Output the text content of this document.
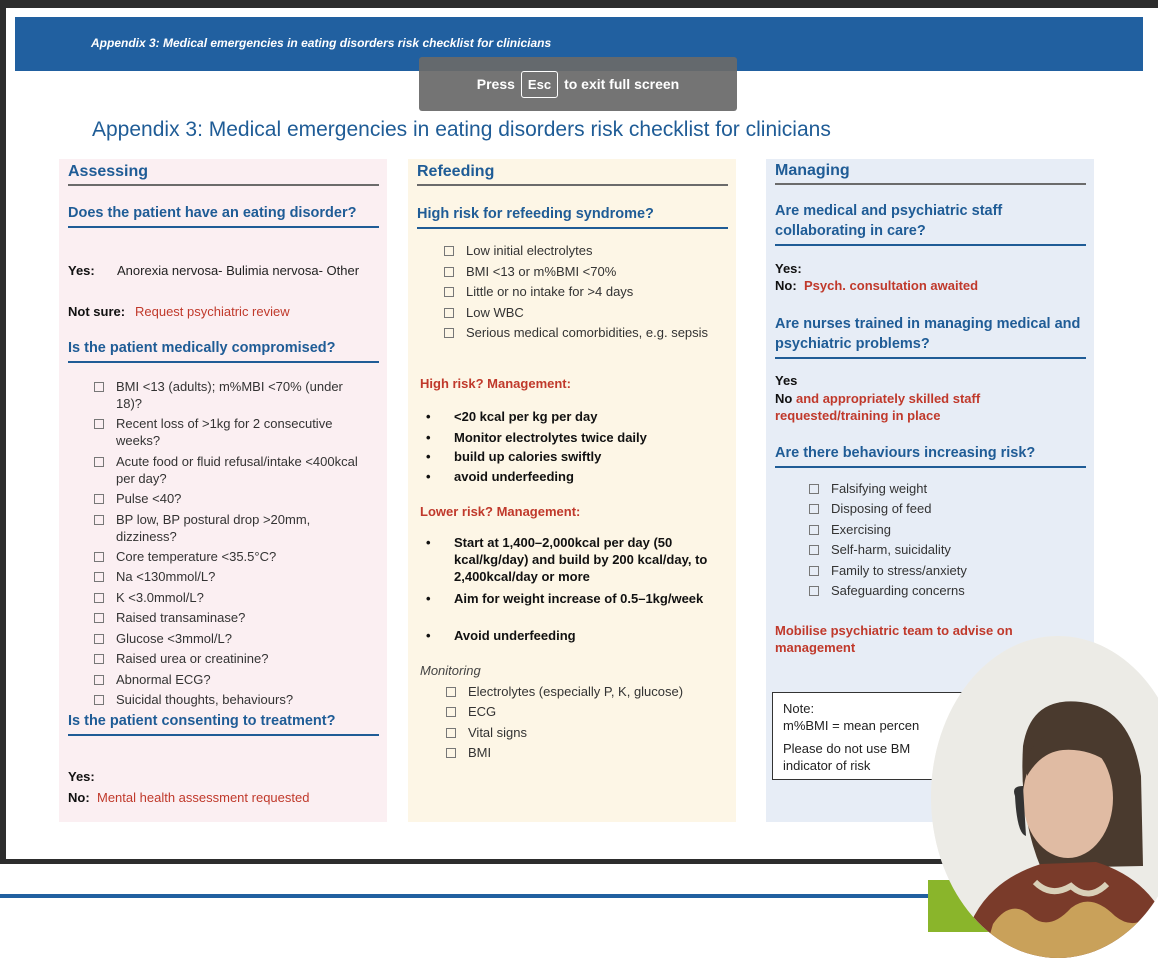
Appendix 3: Medical emergencies in eating disorders risk checklist for clinicians
Appendix 3: Medical emergencies in eating disorders risk checklist for clinicians
Assessing
Does the patient have an eating disorder?
Yes: Anorexia nervosa- Bulimia nervosa- Other
Not sure: Request psychiatric review
Is the patient medically compromised?
BMI <13 (adults); m%MBI <70% (under 18)?
Recent loss of >1kg for 2 consecutive weeks?
Acute food or fluid refusal/intake <400kcal per day?
Pulse <40?
BP low, BP postural drop >20mm, dizziness?
Core temperature <35.5°C?
Na <130mmol/L?
K <3.0mmol/L?
Raised transaminase?
Glucose <3mmol/L?
Raised urea or creatinine?
Abnormal ECG?
Suicidal thoughts, behaviours?
Is the patient consenting to treatment?
Yes:
No: Mental health assessment requested
Refeeding
High risk for refeeding syndrome?
Low initial electrolytes
BMI <13 or m%BMI <70%
Little or no intake for >4 days
Low WBC
Serious medical comorbidities, e.g. sepsis
High risk? Management:
•	<20 kcal per kg per day
•	Monitor electrolytes twice daily
•	build up calories swiftly
•	avoid underfeeding
Lower risk? Management:
•	Start at 1,400–2,000kcal per day (50 kcal/kg/day) and build by 200 kcal/day, to 2,400kcal/day or more
•	Aim for weight increase of 0.5–1kg/week
•	Avoid underfeeding
Monitoring
Electrolytes (especially P, K, glucose)
ECG
Vital signs
BMI
Managing
Are medical and psychiatric staff collaborating in care?
Yes:
No: Psych. consultation awaited
Are nurses trained in managing medical and psychiatric problems?
Yes
No and appropriately skilled staff requested/training in place
Are there behaviours increasing risk?
Falsifying weight
Disposing of feed
Exercising
Self-harm, suicidality
Family to stress/anxiety
Safeguarding concerns
Mobilise psychiatric team to advise on management
Note:
m%BMI = mean percen
Please do not use BM
indicator of risk
Press	Esc to exit full screen
